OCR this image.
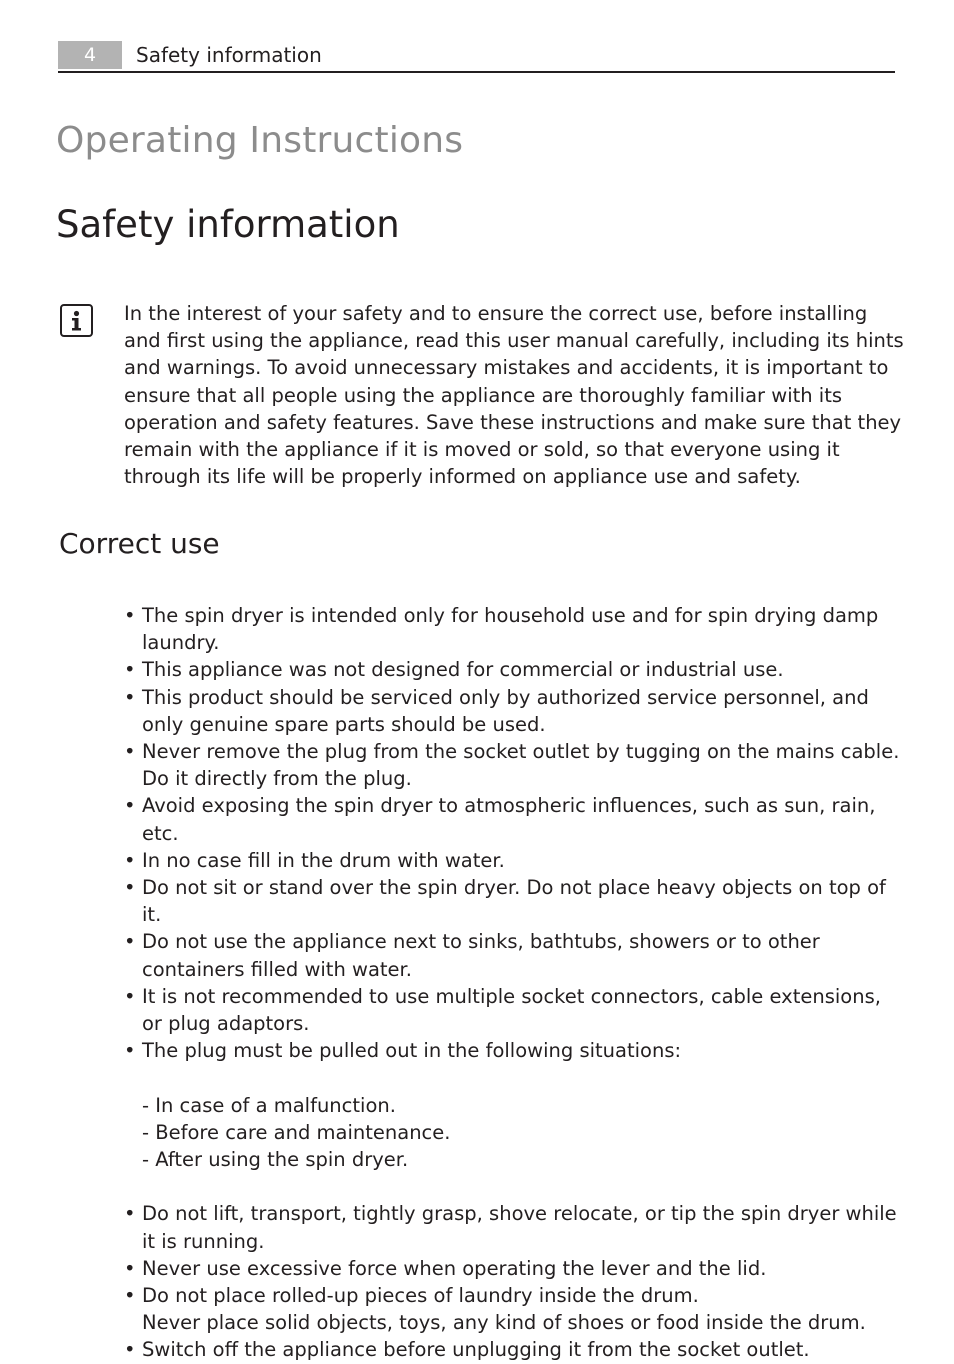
4	Safety information
Operating Instructions
Safety information

In the interest of your safety and to ensure the correct use, before installing and first using the appliance, read this user manual carefully, including its hints and warnings. To avoid unnecessary mistakes and accidents, it is important to ensure that all people using the appliance are thoroughly familiar with its operation and safety features. Save these instructions and make sure that they remain with the appliance if it is moved or sold, so that everyone using it through its life will be properly informed on appliance use and safety.

Correct use
• The spin dryer is intended only for household use and for spin drying damp laundry.
• This appliance was not designed for commercial or industrial use.
• This product should be serviced only by authorized service personnel, and only genuine spare parts should be used.
• Never remove the plug from the socket outlet by tugging on the mains cable. Do it directly from the plug.
• Avoid exposing the spin dryer to atmospheric influences, such as sun, rain, etc.
• In no case fill in the drum with water.
• Do not sit or stand over the spin dryer. Do not place heavy objects on top of it.
• Do not use the appliance next to sinks, bathtubs, showers or to other containers filled with water.
• It is not recommended to use multiple socket connectors, cable extensions, or plug adaptors.
• The plug must be pulled out in the following situations:
- In case of a malfunction.
- Before care and maintenance.
- After using the spin dryer.
• Do not lift, transport, tightly grasp, shove relocate, or tip the spin dryer while it is running.
• Never use excessive force when operating the lever and the lid.
• Do not place rolled-up pieces of laundry inside the drum.
Never place solid objects, toys, any kind of shoes or food inside the drum.
• Switch off the appliance before unplugging it from the socket outlet.
